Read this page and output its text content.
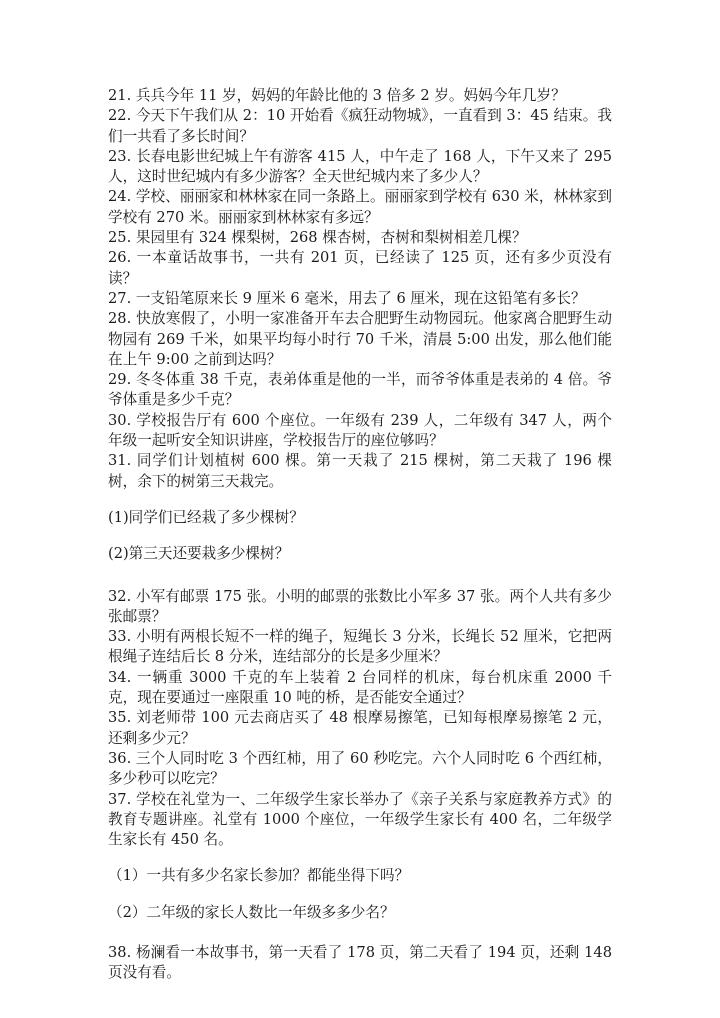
21. 兵兵今年 11 岁，妈妈的年龄比他的 3 倍多 2 岁。妈妈今年几岁？

22. 今天下午我们从 2：10 开始看《疯狂动物城》，一直看到 3：45 结束。我们一共看了多长时间？

23. 长春电影世纪城上午有游客 415 人，中午走了 168 人，下午又来了 295 人，这时世纪城内有多少游客？全天世纪城内来了多少人？

24. 学校、丽丽家和林林家在同一条路上。丽丽家到学校有 630 米，林林家到学校有 270 米。丽丽家到林林家有多远？

25. 果园里有 324 棵梨树，268 棵杏树，杏树和梨树相差几棵？

26. 一本童话故事书，一共有 201 页，已经读了 125 页，还有多少页没有读？

27. 一支铅笔原来长 9 厘米 6 毫米，用去了 6 厘米，现在这铅笔有多长？

28. 快放寒假了，小明一家准备开车去合肥野生动物园玩。他家离合肥野生动物园有 269 千米，如果平均每小时行 70 千米，清晨 5:00 出发，那么他们能在上午 9:00 之前到达吗？

29. 冬冬体重 38 千克，表弟体重是他的一半，而爷爷体重是表弟的 4 倍。爷爷体重是多少千克？

30. 学校报告厅有 600 个座位。一年级有 239 人，二年级有 347 人，两个年级一起听安全知识讲座，学校报告厅的座位够吗？

31. 同学们计划植树 600 棵。第一天栽了 215 棵树，第二天栽了 196 棵树，余下的树第三天栽完。

(1)同学们已经栽了多少棵树？

(2)第三天还要栽多少棵树？

32. 小军有邮票 175 张。小明的邮票的张数比小军多 37 张。两个人共有多少张邮票？

33. 小明有两根长短不一样的绳子，短绳长 3 分米，长绳长 52 厘米，它把两根绳子连结后长 8 分米，连结部分的长是多少厘米？

34. 一辆重 3000 千克的车上装着 2 台同样的机床，每台机床重 2000 千克，现在要通过一座限重 10 吨的桥，是否能安全通过？

35. 刘老师带 100 元去商店买了 48 根摩易擦笔，已知每根摩易擦笔 2 元，还剩多少元？

36. 三个人同时吃 3 个西红柿，用了 60 秒吃完。六个人同时吃 6 个西红柿，多少秒可以吃完？

37. 学校在礼堂为一、二年级学生家长举办了《亲子关系与家庭教养方式》的教育专题讲座。礼堂有 1000 个座位，一年级学生家长有 400 名，二年级学生家长有 450 名。

（1）一共有多少名家长参加？都能坐得下吗？

（2）二年级的家长人数比一年级多多少名？

38. 杨澜看一本故事书，第一天看了 178 页，第二天看了 194 页，还剩 148 页没有看。
